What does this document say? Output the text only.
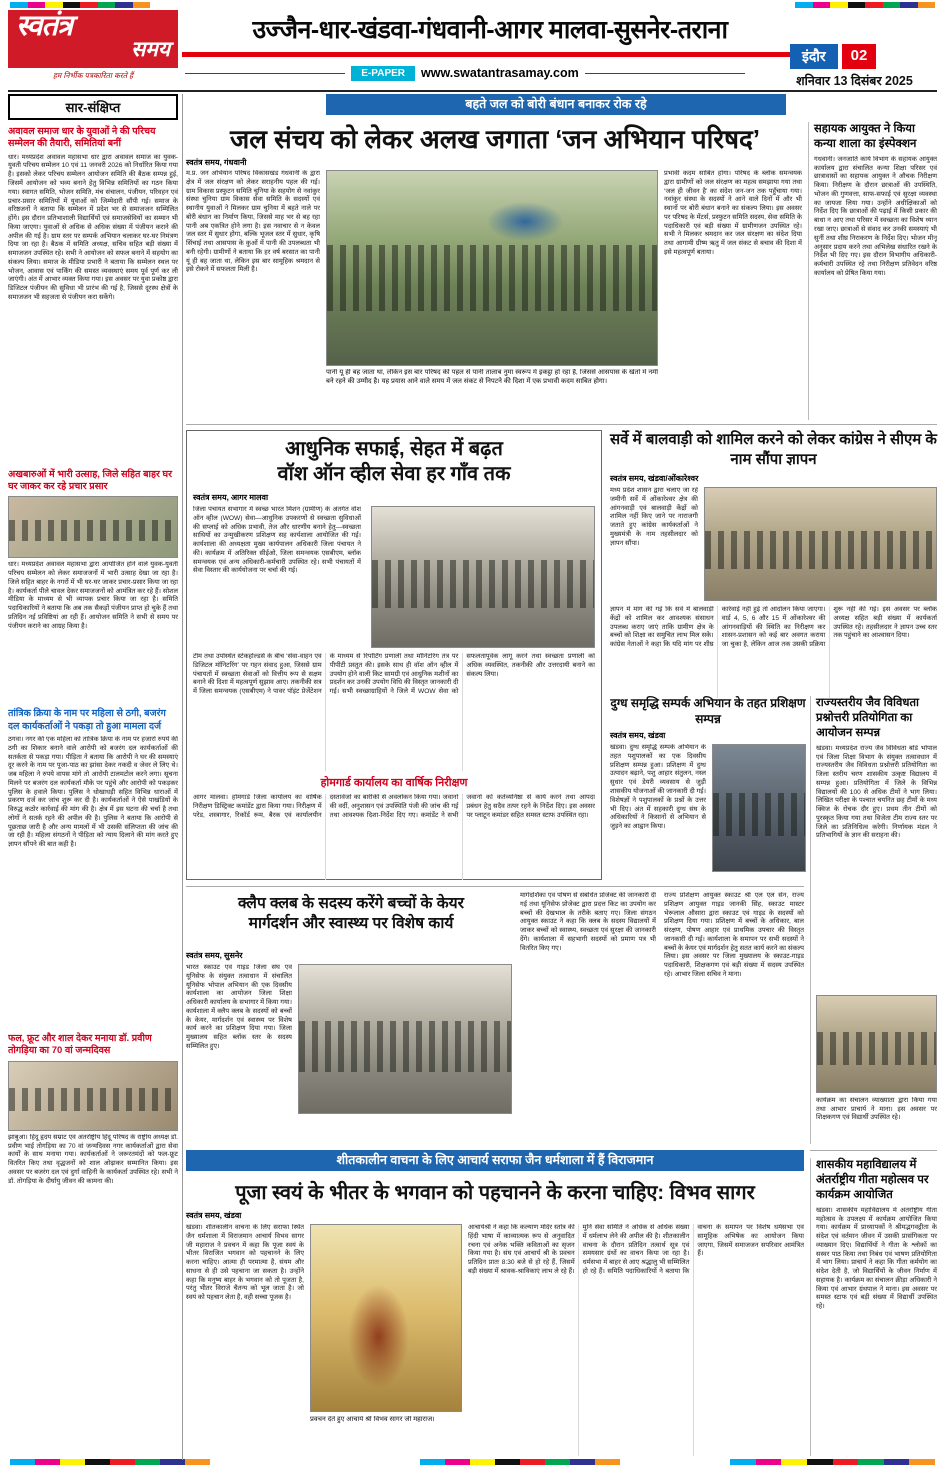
स्वतंत्र
समय
हम निर्भीक पत्रकारिता करते हैं
उज्जैन-धार-खंडवा-गंधवानी-आगर मालवा-सुसनेर-तराना
E-PAPER	www.swatantrasamay.com
इंदौर	02
शनिवार 13 दिसंबर 2025
सार-संक्षिप्त
अवावल समाज धार के युवाओं ने की परिचय सम्मेलन की तैयारी, समितियां बनीं
धार। मध्यप्रदेश अवावल महासभा धार द्वारा अवावल समाज का युवक-युवती परिचय सम्मेलन 10 एवं 11 जनवरी 2026 को निर्धारित किया गया है। इसको लेकर परिचय सम्मेलन आयोजन समिति की बैठक सम्पन्न हुई, जिसमें आयोजन को भव्य बनाने हेतु विभिन्न समितियों का गठन किया गया। स्वागत समिति, भोजन समिति, मंच संचालन, पंजीयन, परिवहन एवं प्रचार-प्रसार समितियों में युवाओं को जिम्मेदारी सौंपी गई। समाज के वरिष्ठजनों ने बताया कि सम्मेलन में प्रदेश भर से समाजजन सम्मिलित होंगे। इस दौरान प्रतिभाशाली विद्यार्थियों एवं समाजसेवियों का सम्मान भी किया जाएगा। युवाओं से अधिक से अधिक संख्या में पंजीयन कराने की अपील की गई है। ग्राम स्तर पर सम्पर्क अभियान चलाकर घर-घर निमंत्रण दिया जा रहा है। बैठक में समिति अध्यक्ष, सचिव सहित बड़ी संख्या में समाजजन उपस्थित रहे। सभी ने आयोजन को सफल बनाने में सहयोग का संकल्प लिया। समाज के मीडिया प्रभारी ने बताया कि सम्मेलन स्थल पर भोजन, आवास एवं पार्किंग की समस्त व्यवस्थाएं समय पूर्व पूर्ण कर ली जाएंगी। अंत में आभार व्यक्त किया गया। इस अवसर पर युवा प्रकोष्ठ द्वारा डिजिटल पंजीयन की सुविधा भी प्रारंभ की गई है, जिससे दूरस्थ क्षेत्रों के समाजजन भी सहजता से पंजीयन करा सकेंगे।
अखबारुओं में भारी उत्साह, जिले सहित बाहर घर घर जाकर कर रहे प्रचार प्रसार
धार। मध्यप्रदेश अवावल महासभा द्वारा आयोजित होने वाले युवक-युवती परिचय सम्मेलन को लेकर समाजजनों में भारी उत्साह देखा जा रहा है। जिले सहित बाहर के नगरों में भी घर-घर जाकर प्रचार-प्रसार किया जा रहा है। कार्यकर्ता पीले चावल देकर समाजजनों को आमंत्रित कर रहे हैं। सोशल मीडिया के माध्यम से भी व्यापक प्रचार किया जा रहा है। समिति पदाधिकारियों ने बताया कि अब तक सैकड़ों पंजीयन प्राप्त हो चुके हैं तथा प्रतिदिन नई प्रविष्टियां आ रही हैं। आयोजन समिति ने सभी से समय पर पंजीयन कराने का आग्रह किया है।
तांत्रिक क्रिया के नाम पर महिला से ठगी, बजरंग दल कार्यकर्ताओं ने पकड़ा तो हुआ मामला दर्ज
ठगवा। नगर की एक महिला को तांत्रिक क्रिया के नाम पर हजारों रुपये की ठगी का शिकार बनाने वाले आरोपी को बजरंग दल कार्यकर्ताओं की सतर्कता से पकड़ा गया। पीड़िता ने बताया कि आरोपी ने घर की समस्याएं दूर करने के नाम पर पूजा-पाठ का झांसा देकर नकदी व जेवर ले लिए थे। जब महिला ने रुपये वापस मांगे तो आरोपी टालमटोल करने लगा। सूचना मिलने पर बजरंग दल कार्यकर्ता मौके पर पहुंचे और आरोपी को पकड़कर पुलिस के हवाले किया। पुलिस ने धोखाधड़ी सहित विभिन्न धाराओं में प्रकरण दर्ज कर जांच शुरू कर दी है। कार्यकर्ताओं ने ऐसे पाखंडियों के विरुद्ध कठोर कार्रवाई की मांग की है। क्षेत्र में इस घटना की चर्चा है तथा लोगों ने सतर्क रहने की अपील की है। पुलिस ने बताया कि आरोपी से पूछताछ जारी है और अन्य मामलों में भी उसकी संलिप्तता की जांच की जा रही है। महिला संगठनों ने पीड़िता को न्याय दिलाने की मांग करते हुए ज्ञापन सौंपने की बात कही है।
फल, फ्रूट और शाल देकर मनाया डॉ. प्रवीण तोगड़िया का 70 वां जन्मदिवस
झाबुआ। हिंदू हृदय सम्राट एवं अंतर्राष्ट्रीय हिंदू परिषद के राष्ट्रीय अध्यक्ष डॉ. प्रवीण भाई तोगड़िया का 70 वां जन्मदिवस नगर कार्यकर्ताओं द्वारा सेवा कार्यों के साथ मनाया गया। कार्यकर्ताओं ने जरूरतमंदों को फल-फ्रूट वितरित किए तथा वृद्धजनों को शाल ओढ़ाकर सम्मानित किया। इस अवसर पर बजरंग दल एवं दुर्गा वाहिनी के कार्यकर्ता उपस्थित रहे। सभी ने डॉ. तोगड़िया के दीर्घायु जीवन की कामना की।
बहते जल को बोरी बंधान बनाकर रोक रहे
जल संचय को लेकर अलख जगाता ‘जन अभियान परिषद’
स्वतंत्र समय, गंधवानी
म.प्र. जन अभियान परिषद विकासखंड गंधवानी के द्वारा क्षेत्र में जल संरक्षण को लेकर सराहनीय पहल की गई। ग्राम विकास प्रस्फुटन समिति चुनिया के सहयोग से नवांकुर संस्था चुनिया ग्राम विकास सेवा समिति के सदस्यों एवं स्थानीय युवाओं ने मिलकर ग्राम चुनिया में बहते नाले पर बोरी बंधान का निर्माण किया, जिससे माह भर से बह रहा पानी अब एकत्रित होने लगा है। इस नवाचार से न केवल जल स्तर में सुधार होगा, बल्कि भूजल स्तर में सुधार, कृषि सिंचाई तथा आसपास के कुओं में पानी की उपलब्धता भी बनी रहेगी। ग्रामीणों ने बताया कि हर वर्ष बरसात का पानी यूं ही बह जाता था, लेकिन इस बार सामूहिक श्रमदान से इसे रोकने में सफलता मिली है।
पानी यूं ही बह जाता था, लेकिन इस बार परिषद की पहल से पानी तालाब नुमा स्वरूप में इकट्ठा हो रहा है, जिससे आसपास के खेतों में नमी बने रहने की उम्मीद है। यह प्रयास आने वाले समय में जल संकट से निपटने की दिशा में एक प्रभावी कदम साबित होगा।
प्रभावी कदम साबित होगा। परिषद के ब्लॉक समन्वयक द्वारा ग्रामीणों को जल संरक्षण का महत्व समझाया गया तथा ‘जल ही जीवन है’ का संदेश जन-जन तक पहुँचाया गया। नवांकुर संस्था के सदस्यों ने आने वाले दिनों में और भी स्थानों पर बोरी बंधान बनाने का संकल्प लिया। इस अवसर पर परिषद के मेंटर्स, प्रस्फुटन समिति सदस्य, सेवा समिति के पदाधिकारी एवं बड़ी संख्या में ग्रामीणजन उपस्थित रहे। सभी ने मिलकर श्रमदान कर जल संरक्षण का संदेश दिया तथा आगामी ग्रीष्म ऋतु में जल संकट से बचाव की दिशा में इसे महत्वपूर्ण बताया।
सहायक आयुक्त ने किया कन्या शाला का इंस्पेक्शन
गंधवानी। जनजाति कार्य विभाग के सहायक आयुक्त कार्यालय द्वारा संचालित कन्या शिक्षा परिसर एवं छात्रावासों का सहायक आयुक्त ने औचक निरीक्षण किया। निरीक्षण के दौरान छात्राओं की उपस्थिति, भोजन की गुणवत्ता, साफ-सफाई एवं सुरक्षा व्यवस्था का जायजा लिया गया। उन्होंने अधीक्षिकाओं को निर्देश दिए कि छात्राओं की पढ़ाई में किसी प्रकार की बाधा न आए तथा परिसर में स्वच्छता का विशेष ध्यान रखा जाए। छात्राओं से संवाद कर उनकी समस्याएं भी सुनीं तथा शीघ्र निराकरण के निर्देश दिए। भोजन मीनू अनुसार प्रदाय करने तथा अभिलेख संधारित रखने के निर्देश भी दिए गए। इस दौरान विभागीय अधिकारी-कर्मचारी उपस्थित रहे तथा निरीक्षण प्रतिवेदन वरिष्ठ कार्यालय को प्रेषित किया गया।
आधुनिक सफाई, सेहत में बढ़त
वॉश ऑन व्हील सेवा हर गाँव तक
स्वतंत्र समय, आगर मालवा
जिला पंचायत सभागार में स्वच्छ भारत मिशन (ग्रामीण) के अंतर्गत वॉश ऑन व्हील (WOW) सेवा—आधुनिक उपकरणों से स्वच्छता सुविधाओं की सप्लाई को अधिक प्रभावी, तेज और धारणीय बनाने हेतु—स्वच्छता साथियों का उन्मुखीकरण प्रशिक्षण सह कार्यशाला आयोजित की गई। कार्यशाला की अध्यक्षता मुख्य कार्यपालन अधिकारी जिला पंचायत ने की। कार्यक्रम में अतिरिक्त सीईओ, जिला समन्वयक एसबीएम, ब्लॉक समन्वयक एवं अन्य अधिकारी-कर्मचारी उपस्थित रहे। सभी पंचायतों में सेवा विस्तार की कार्ययोजना पर चर्चा की गई।
टीम तथा उपस्थित स्टेकहोल्डर्स के बीच ‘सेवा-वाहन एवं डिजिटल मॉनिटरिंग’ पर गहन संवाद हुआ, जिससे ग्राम पंचायतों में स्वच्छता सेवाओं को वित्तीय रूप से सक्षम बनाने की दिशा में महत्वपूर्ण सुझाव आए। तकनीकी सत्र में जिला समन्वयक (एसबीएम) ने पावर पॉइंट प्रेजेंटेशन के माध्यम से रिपोर्टिंग प्रणाली तथा मॉनिटरिंग तंत्र पर पीपीटी प्रस्तुत की। इसके साथ ही वॉश ऑन व्हील में उपयोग होने वाली किट सामग्री एवं आधुनिक मशीनों का प्रदर्शन कर उनकी उपयोग विधि की विस्तृत जानकारी दी गई। सभी स्वच्छाग्राहियों ने जिले में WOW सेवा को सफलतापूर्वक लागू करने तथा स्वच्छता प्रणाली को अधिक व्यवस्थित, तकनीकी और उत्तरदायी बनाने का संकल्प लिया।
होमगार्ड कार्यालय का वार्षिक निरीक्षण
आगर मालवा। होमगार्ड जिला कार्यालय का वार्षिक निरीक्षण डिस्ट्रिक्ट कमांडेंट द्वारा किया गया। निरीक्षण में परेड, शस्त्रागार, रिकॉर्ड रूम, बैरक एवं कार्यालयीन दस्तावेजों का बारीकी से अवलोकन किया गया। जवानों की वर्दी, अनुशासन एवं उपस्थिति पंजी की जांच की गई तथा आवश्यक दिशा-निर्देश दिए गए। कमांडेंट ने सभी जवानों को कर्तव्यनिष्ठा से कार्य करने तथा आपदा प्रबंधन हेतु सदैव तत्पर रहने के निर्देश दिए। इस अवसर पर प्लाटून कमांडर सहित समस्त स्टाफ उपस्थित रहा।
सर्वे में बालवाड़ी को शामिल करने को लेकर कांग्रेस ने सीएम के नाम सौंपा ज्ञापन
स्वतंत्र समय, खंडवा/ओंकारेश्वर
मध्य प्रदेश शासन द्वारा चलाए जा रहे जमीनी सर्वे में ओंकारेश्वर क्षेत्र की आंगनवाड़ी एवं बालवाड़ी केंद्रों को शामिल नहीं किए जाने पर नाराजगी जताते हुए कांग्रेस कार्यकर्ताओं ने मुख्यमंत्री के नाम तहसीलदार को ज्ञापन सौंपा।
ज्ञापन में मांग की गई कि सर्वे में बालवाड़ी केंद्रों को शामिल कर आवश्यक संसाधन उपलब्ध कराए जाएं ताकि ग्रामीण क्षेत्र के बच्चों को शिक्षा का समुचित लाभ मिल सके। कांग्रेस नेताओं ने कहा कि यदि मांग पर शीघ्र कार्रवाई नहीं हुई तो आंदोलन किया जाएगा। वार्ड 4, 5, 6 और 15 में ओंकारेश्वर की आंगनवाड़ियों की स्थिति का निरीक्षण कर शासन-प्रशासन को कई बार अवगत कराया जा चुका है, लेकिन आज तक उसकी प्रक्रिया शुरू नहीं की गई। इस अवसर पर ब्लॉक अध्यक्ष सहित बड़ी संख्या में कार्यकर्ता उपस्थित रहे। तहसीलदार ने ज्ञापन उच्च स्तर तक पहुंचाने का आश्वासन दिया।
दुग्ध समृद्धि सम्पर्क अभियान के तहत प्रशिक्षण सम्पन्न
स्वतंत्र समय, खंडवा
खंडवा। दुग्ध समृद्धि सम्पर्क अभियान के तहत पशुपालकों का एक दिवसीय प्रशिक्षण सम्पन्न हुआ। प्रशिक्षण में दुग्ध उत्पादन बढ़ाने, पशु आहार संतुलन, नस्ल सुधार एवं डेयरी व्यवसाय से जुड़ी शासकीय योजनाओं की जानकारी दी गई। विशेषज्ञों ने पशुपालकों के प्रश्नों के उत्तर भी दिए। अंत में सहकारी दुग्ध संघ के अधिकारियों ने किसानों से अभियान से जुड़ने का आह्वान किया।
राज्यस्तरीय जैव विविधता प्रश्नोत्तरी प्रतियोगिता का आयोजन सम्पन्न
खंडवा। मध्यप्रदेश राज्य जैव विविधता बोर्ड भोपाल एवं जिला शिक्षा विभाग के संयुक्त तत्वावधान में राज्यस्तरीय जैव विविधता प्रश्नोत्तरी प्रतियोगिता का जिला स्तरीय चरण शासकीय उत्कृष्ट विद्यालय में सम्पन्न हुआ। प्रतियोगिता में जिले के विभिन्न विद्यालयों की 100 से अधिक टीमों ने भाग लिया। लिखित परीक्षा के पश्चात चयनित छह टीमों के मध्य क्विज के रोचक दौर हुए। प्रथम तीन टीमों को पुरस्कृत किया गया तथा विजेता टीम राज्य स्तर पर जिले का प्रतिनिधित्व करेगी। निर्णायक मंडल ने प्रतिभागियों के ज्ञान की सराहना की।
कार्यक्रम का संचालन व्याख्याता द्वारा किया गया तथा आभार प्राचार्य ने माना। इस अवसर पर शिक्षकगण एवं विद्यार्थी उपस्थित रहे।
क्लैप क्लब के सदस्य करेंगे बच्चों के केयर
मार्गदर्शन और स्वास्थ्य पर विशेष कार्य
स्वतंत्र समय, सुसनेर
भारत स्काउट एवं गाइड जिला संघ एवं यूनिसेफ के संयुक्त तत्वाधान में संचालित यूनिसेफ भोपाल अभियान की एक दिवसीय कार्यशाला का आयोजन जिला शिक्षा अधिकारी कार्यालय के सभागार में किया गया। कार्यशाला में क्लैप क्लब के सदस्यों को बच्चों के केयर, मार्गदर्शन एवं स्वास्थ्य पर विशेष कार्य करने का प्रशिक्षण दिया गया। जिला मुख्यालय सहित ब्लॉक स्तर के सदस्य सम्मिलित हुए।
मार्गदर्शिका एवं पोषण से संबंधित प्रोजेक्ट की जानकारी दी गई तथा यूनिसेफ प्रोजेक्ट द्वारा प्रदत्त किट का उपयोग कर बच्चों की देखभाल के तरीके बताए गए। जिला संगठन आयुक्त स्काउट ने कहा कि क्लब के सदस्य विद्यालयों में जाकर बच्चों को स्वास्थ्य, स्वच्छता एवं सुरक्षा की जानकारी देंगे। कार्यशाला में सहभागी सदस्यों को प्रमाण पत्र भी वितरित किए गए।
राज्य प्रशिक्षण आयुक्त स्काउट श्री एल एल सेन, राज्य प्रशिक्षण आयुक्त गाइड जानकी सिंह, स्काउट मास्टर भेरूलाल औसारा द्वारा स्काउट एवं गाइड के सदस्यों को प्रशिक्षण दिया गया। प्रशिक्षण में बच्चों के अधिकार, बाल संरक्षण, पोषण आहार एवं प्राथमिक उपचार की विस्तृत जानकारी दी गई। कार्यशाला के समापन पर सभी सदस्यों ने बच्चों के केयर एवं मार्गदर्शन हेतु सतत कार्य करने का संकल्प लिया। इस अवसर पर जिला मुख्यालय के स्काउट-गाइड पदाधिकारी, शिक्षकगण एवं बड़ी संख्या में सदस्य उपस्थित रहे। आभार जिला सचिव ने माना।
शीतकालीन वाचना के लिए आचार्य सराफा जैन धर्मशाला में हैं विराजमान
पूजा स्वयं के भीतर के भगवान को पहचानने के करना चाहिए: विभव सागर
स्वतंत्र समय, खंडवा
खंडवा। शीतकालीन वाचना के लिए सराफा स्थित जैन धर्मशाला में विराजमान आचार्य विभव सागर जी महाराज ने प्रवचन में कहा कि पूजा स्वयं के भीतर विराजित भगवान को पहचानने के लिए करना चाहिए। आत्मा ही परमात्मा है, संयम और साधना से ही उसे पहचाना जा सकता है। उन्होंने कहा कि मनुष्य बाहर के भगवान को तो पूजता है, परंतु भीतर विराजे चैतन्य को भूल जाता है। जो स्वयं को पहचान लेता है, वही सच्चा पूजक है।
प्रवचन देते हुए आचार्य श्री विभव सागर जी महाराज।
आचार्यश्री ने कहा कि कल्याण मंदिर स्तोत्र की हिंदी भाषा में काव्यात्मक रूप से अनुवादित रचना एवं अनेक भक्ति कविताओं का सृजन किया गया है। संघ एवं आचार्य श्री के प्रवचन प्रतिदिन प्रातः 8:30 बजे से हो रहे हैं, जिसमें बड़ी संख्या में श्रावक-श्राविकाएं लाभ ले रहे हैं। मुनि सेवा समिति ने अधिक से अधिक संख्या में धर्मलाभ लेने की अपील की है। शीतकालीन वाचना के दौरान प्रतिदिन तत्वार्थ सूत्र एवं समयसार ग्रंथों का वाचन किया जा रहा है। धर्मसभा में बाहर से आए श्रद्धालु भी सम्मिलित हो रहे हैं। समिति पदाधिकारियों ने बताया कि वाचना के समापन पर विशेष धर्मसभा एवं सामूहिक अभिषेक का आयोजन किया जाएगा, जिसमें समाजजन सपरिवार आमंत्रित हैं।
शासकीय महाविद्यालय में अंतर्राष्ट्रीय गीता महोत्सव पर कार्यक्रम आयोजित
खंडवा। शासकीय महाविद्यालय में अंतर्राष्ट्रीय गीता महोत्सव के उपलक्ष्य में कार्यक्रम आयोजित किया गया। कार्यक्रम में प्राध्यापकों ने श्रीमद्भगवद्गीता के संदेश एवं वर्तमान जीवन में उसकी प्रासंगिकता पर व्याख्यान दिए। विद्यार्थियों ने गीता के श्लोकों का सस्वर पाठ किया तथा निबंध एवं भाषण प्रतियोगिता में भाग लिया। प्राचार्य ने कहा कि गीता कर्मयोग का संदेश देती है, जो विद्यार्थियों के जीवन निर्माण में सहायक है। कार्यक्रम का संचालन क्रीड़ा अधिकारी ने किया एवं आभार ग्रंथपाल ने माना। इस अवसर पर समस्त स्टाफ एवं बड़ी संख्या में विद्यार्थी उपस्थित रहे।
